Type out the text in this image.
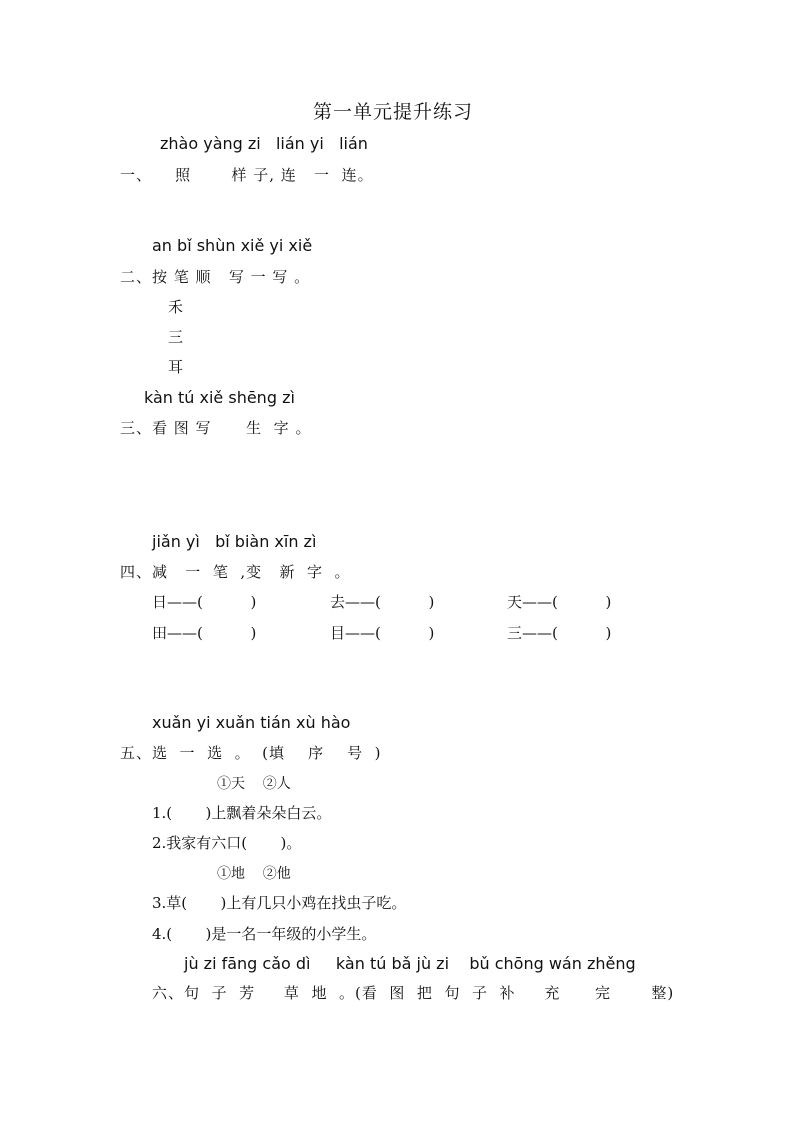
第一单元提升练习
zhào yàng zi   lián yi   lián
一、    照       样 子, 连   一  连。
an bǐ shùn xiě yi xiě
二、按 笔 顺   写 一 写 。
禾
三
耳
kàn tú xiě shēng zì
三、看 图 写      生  字 。
jiǎn yì   bǐ biàn xīn zì
四、减   一  笔  ,变   新  字  。
日——(          )	去——(          )	天——(          )
田——(          )	目——(          )	三——(          )
xuǎn yi xuǎn tián xù hào
五、选  一  选  。  (填    序    号  )
①天    ②人
1.(       )上飘着朵朵白云。
2.我家有六口(       )。
①地    ②他
3.草(       )上有几只小鸡在找虫子吃。
4.(       )是一名一年级的小学生。
jù zi fāng cǎo dì     kàn tú bǎ jù zi    bǔ chōng wán zhěng
六、句  子  芳     草  地  。(看  图  把  句  子  补     充      完       整)
